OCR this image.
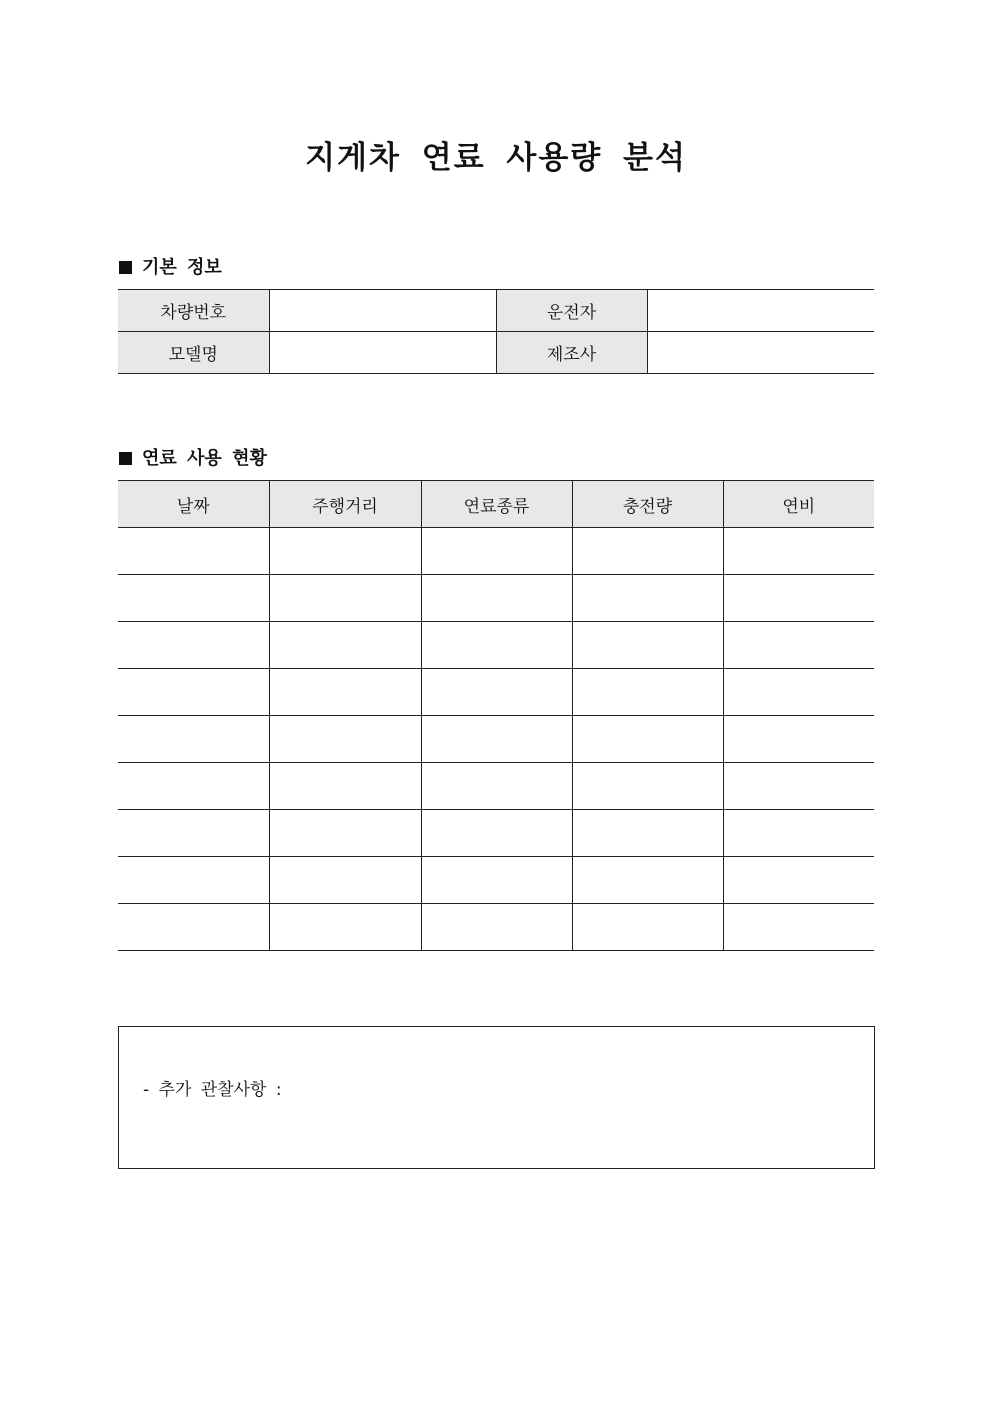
지게차 연료 사용량 분석
기본 정보
차량번호		운전자	
모델명		제조사	
연료 사용 현황
날짜	주행거리	연료종류	충전량	연비

- 추가 관찰사항 :
